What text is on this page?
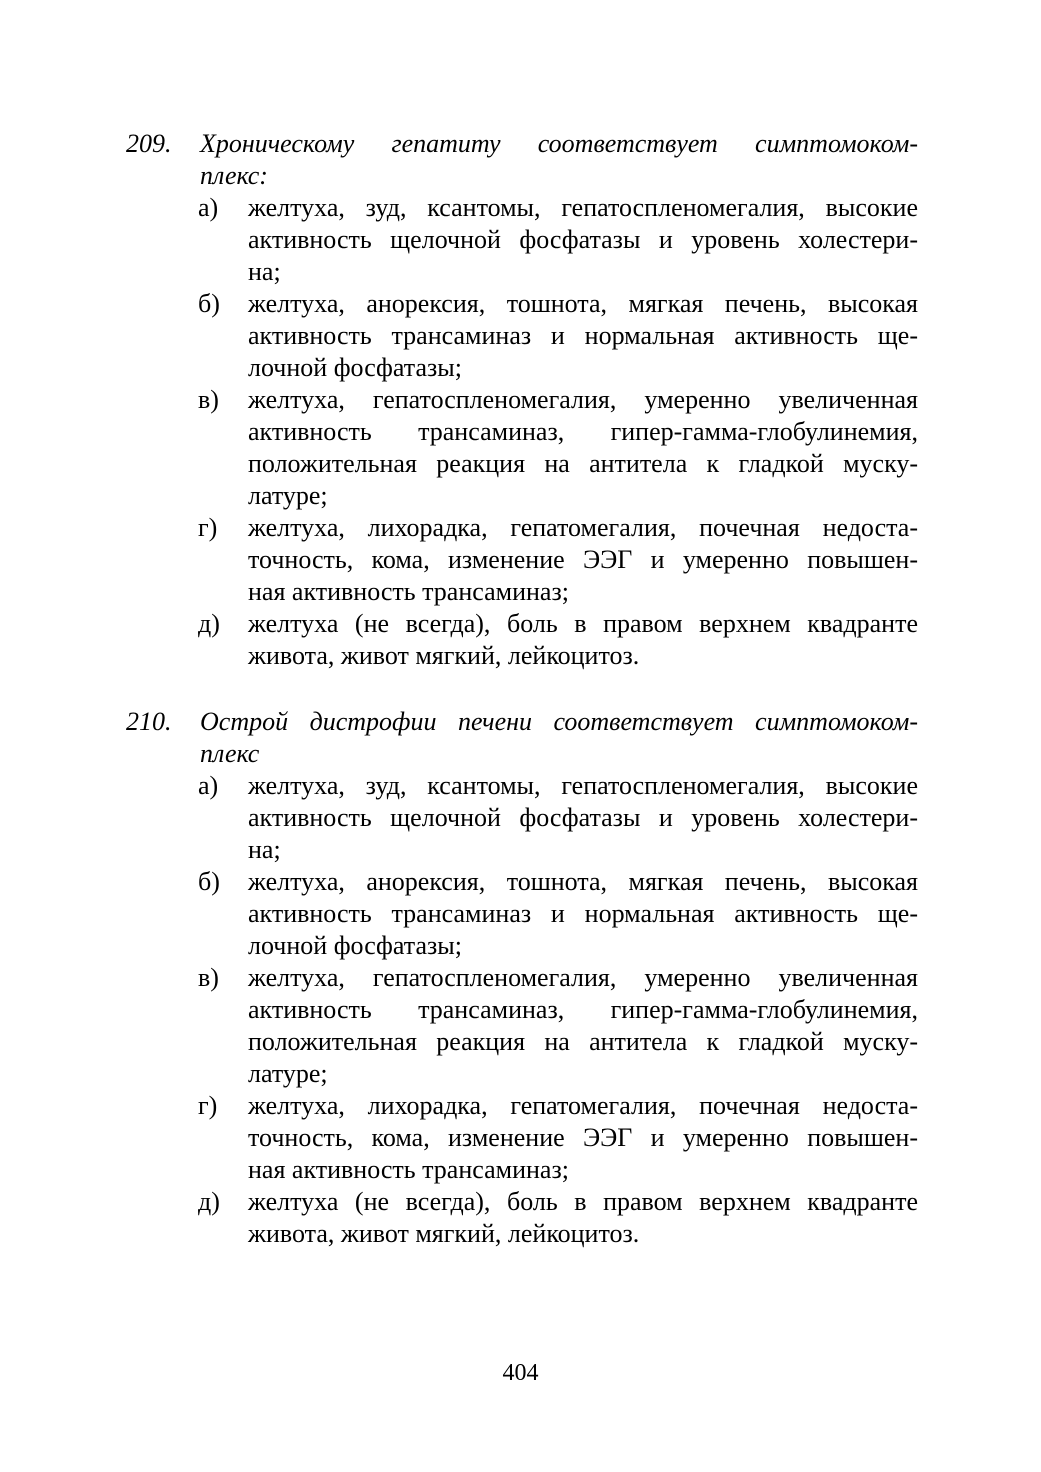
209. Хроническому гепатиту соответствует симптомоком-
плекс:
а) желтуха, зуд, ксантомы, гепатоспленомегалия, высокие
активность щелочной фосфатазы и уровень холестери-
на;
б) желтуха, анорексия, тошнота, мягкая печень, высокая
активность трансаминаз и нормальная активность ще-
лочной фосфатазы;
в) желтуха, гепатоспленомегалия, умеренно увеличенная
активность трансаминаз, гипер-гамма-глобулинемия,
положительная реакция на антитела к гладкой муску-
латуре;
г) желтуха, лихорадка, гепатомегалия, почечная недоста-
точность, кома, изменение ЭЭГ и умеренно повышен-
ная активность трансаминаз;
д) желтуха (не всегда), боль в правом верхнем квадранте
живота, живот мягкий, лейкоцитоз.
210. Острой дистрофии печени соответствует симптомоком-
плекс
а) желтуха, зуд, ксантомы, гепатоспленомегалия, высокие
активность щелочной фосфатазы и уровень холестери-
на;
б) желтуха, анорексия, тошнота, мягкая печень, высокая
активность трансаминаз и нормальная активность ще-
лочной фосфатазы;
в) желтуха, гепатоспленомегалия, умеренно увеличенная
активность трансаминаз, гипер-гамма-глобулинемия,
положительная реакция на антитела к гладкой муску-
латуре;
г) желтуха, лихорадка, гепатомегалия, почечная недоста-
точность, кома, изменение ЭЭГ и умеренно повышен-
ная активность трансаминаз;
д) желтуха (не всегда), боль в правом верхнем квадранте
живота, живот мягкий, лейкоцитоз.
404
